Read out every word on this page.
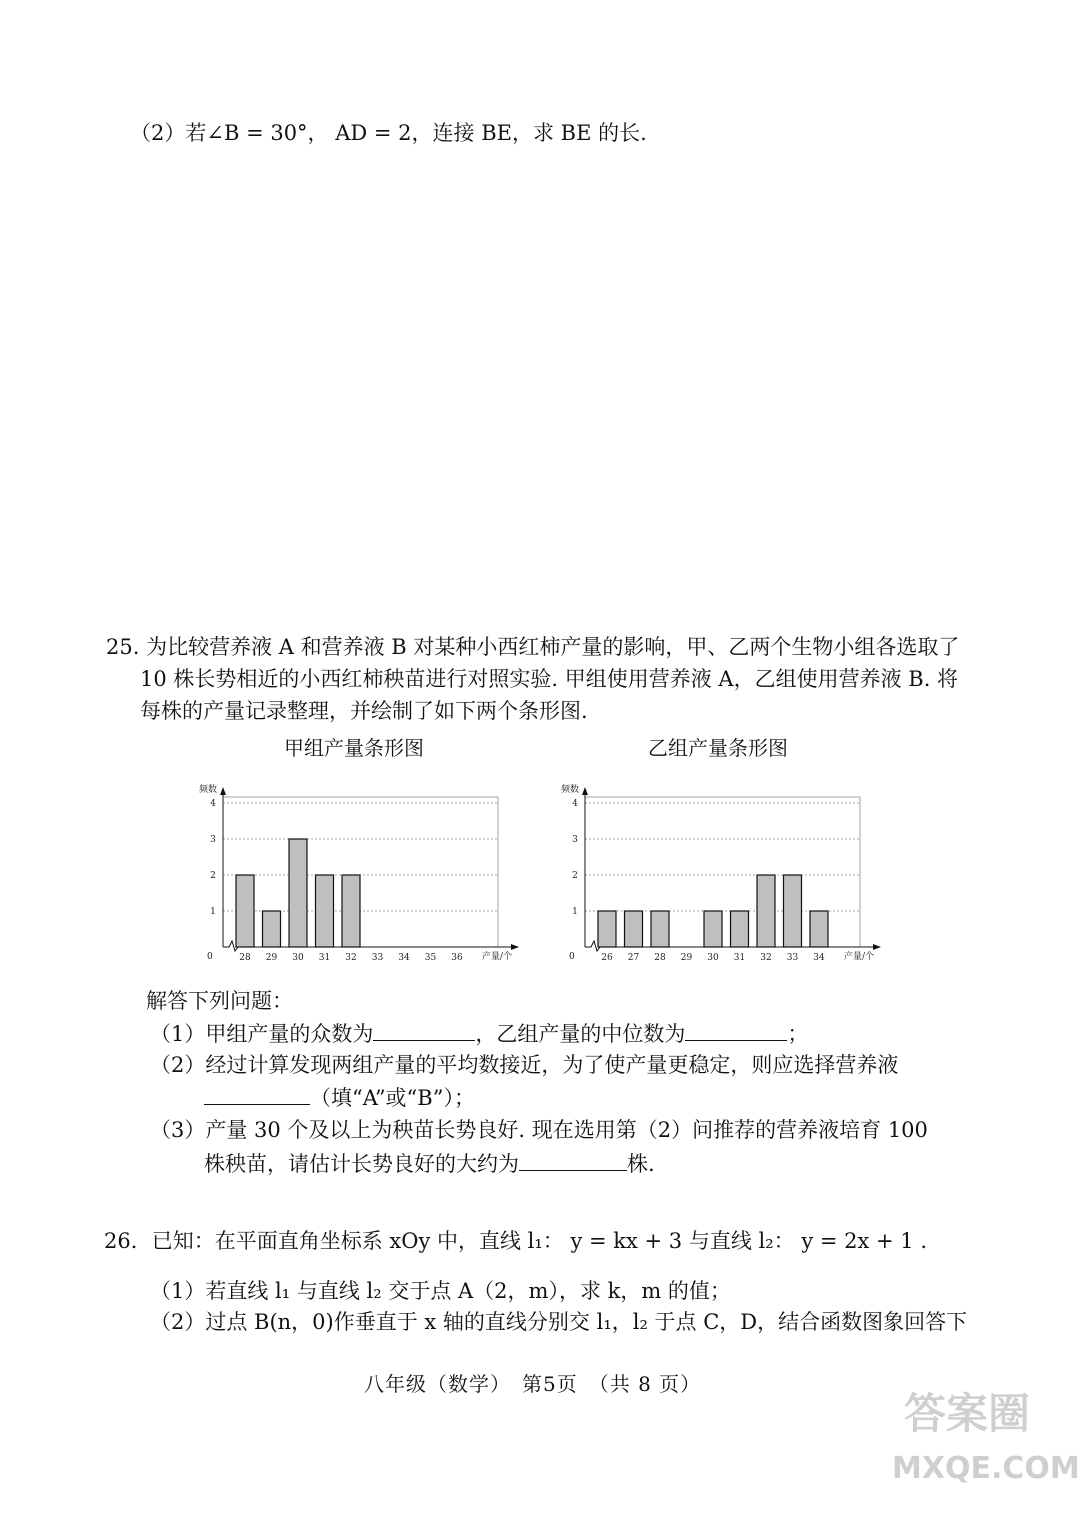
（2）若∠B = 30°， AD = 2，连接 BE，求 BE 的长.
25. 为比较营养液 A 和营养液 B 对某种小西红柿产量的影响，甲、乙两个生物小组各选取了
10 株长势相近的小西红柿秧苗进行对照实验. 甲组使用营养液 A，乙组使用营养液 B. 将
每株的产量记录整理，并绘制了如下两个条形图.
甲组产量条形图	乙组产量条形图
1
2
3
4
频数
0	28 29 30 31 32 33 34 35 36 产量/个
1
2
3
4
频数
0	26 27 28 29 30 31 32 33 34 产量/个
解答下列问题：
（1）甲组产量的众数为	，乙组产量的中位数为	；
（2）经过计算发现两组产量的平均数接近，为了使产量更稳定，则应选择营养液
（填“A”或“B”）；
（3）产量 30 个及以上为秧苗长势良好. 现在选用第（2）问推荐的营养液培育 100
株秧苗，请估计长势良好的大约为	株.
26．已知：在平面直角坐标系 xOy 中，直线 l₁： y = kx + 3 与直线 l₂： y = 2x + 1 .
（1）若直线 l₁ 与直线 l₂ 交于点 A（2，m），求 k，m 的值；
（2）过点 B(n，0)作垂直于 x 轴的直线分别交 l₁，l₂ 于点 C，D，结合函数图象回答下
八年级（数学）　第5页　（共 8 页）
答案圈
MXQE.COM
